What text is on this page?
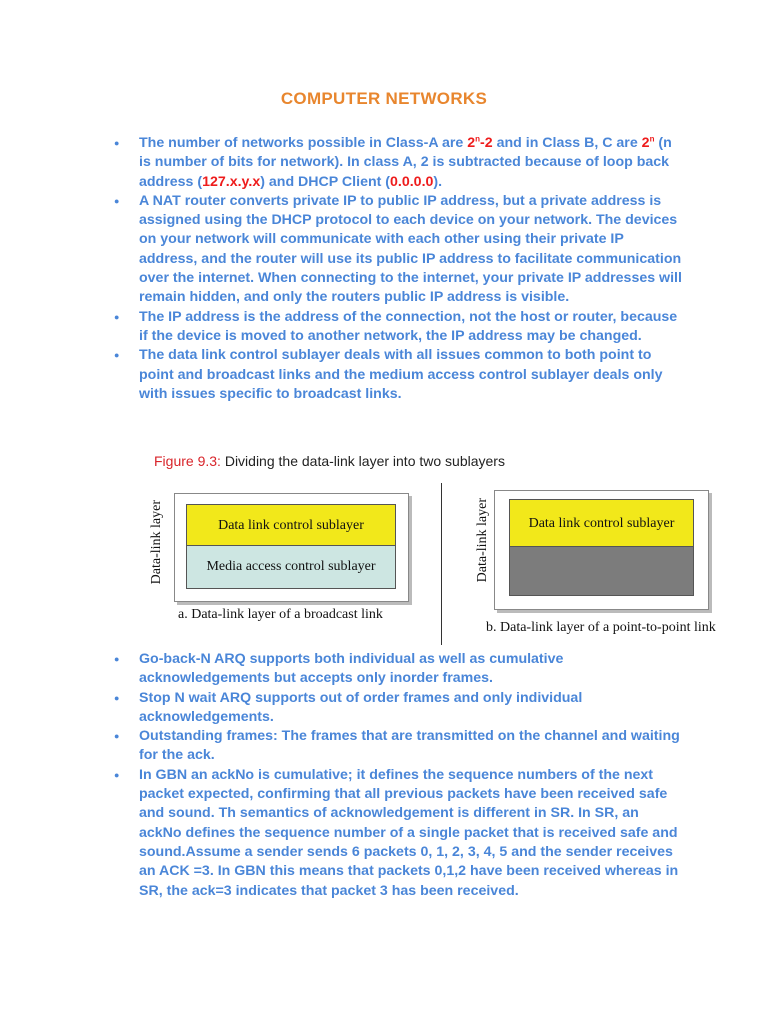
COMPUTER NETWORKS
● The number of networks possible in Class-A are 2$^n$-2 and in Class B, C are 2$^n$ (n is number of bits for network). In class A, 2 is subtracted because of loop back address (127.x.y.x) and DHCP Client (0.0.0.0).
● A NAT router converts private IP to public IP address, but a private address is assigned using the DHCP protocol to each device on your network. The devices on your network will communicate with each other using their private IP address, and the router will use its public IP address to facilitate communication over the internet. When connecting to the internet, your private IP addresses will remain hidden, and only the routers public IP address is visible.
● The IP address is the address of the connection, not the host or router, because if the device is moved to another network, the IP address may be changed.
● The data link control sublayer deals with all issues common to both point to point and broadcast links and the medium access control sublayer deals only with issues specific to broadcast links.
Figure 9.3: Dividing the data-link layer into two sublayers
Data link control sublayer
Media access control sublayer
Data-link layer
a. Data-link layer of a broadcast link
Data link control sublayer
Data-link layer
b. Data-link layer of a point-to-point link
● Go-back-N ARQ supports both individual as well as cumulative acknowledgements but accepts only inorder frames.
● Stop N wait ARQ supports out of order frames and only individual acknowledgements.
● Outstanding frames: The frames that are transmitted on the channel and waiting for the ack.
● In GBN an ackNo is cumulative; it defines the sequence numbers of the next packet expected, confirming that all previous packets have been received safe and sound. Th semantics of acknowledgement is different in SR. In SR, an ackNo defines the sequence number of a single packet that is received safe and sound.Assume a sender sends 6 packets 0, 1, 2, 3, 4, 5 and the sender receives an ACK =3. In GBN this means that packets 0,1,2 have been received whereas in SR, the ack=3 indicates that packet 3 has been received.
